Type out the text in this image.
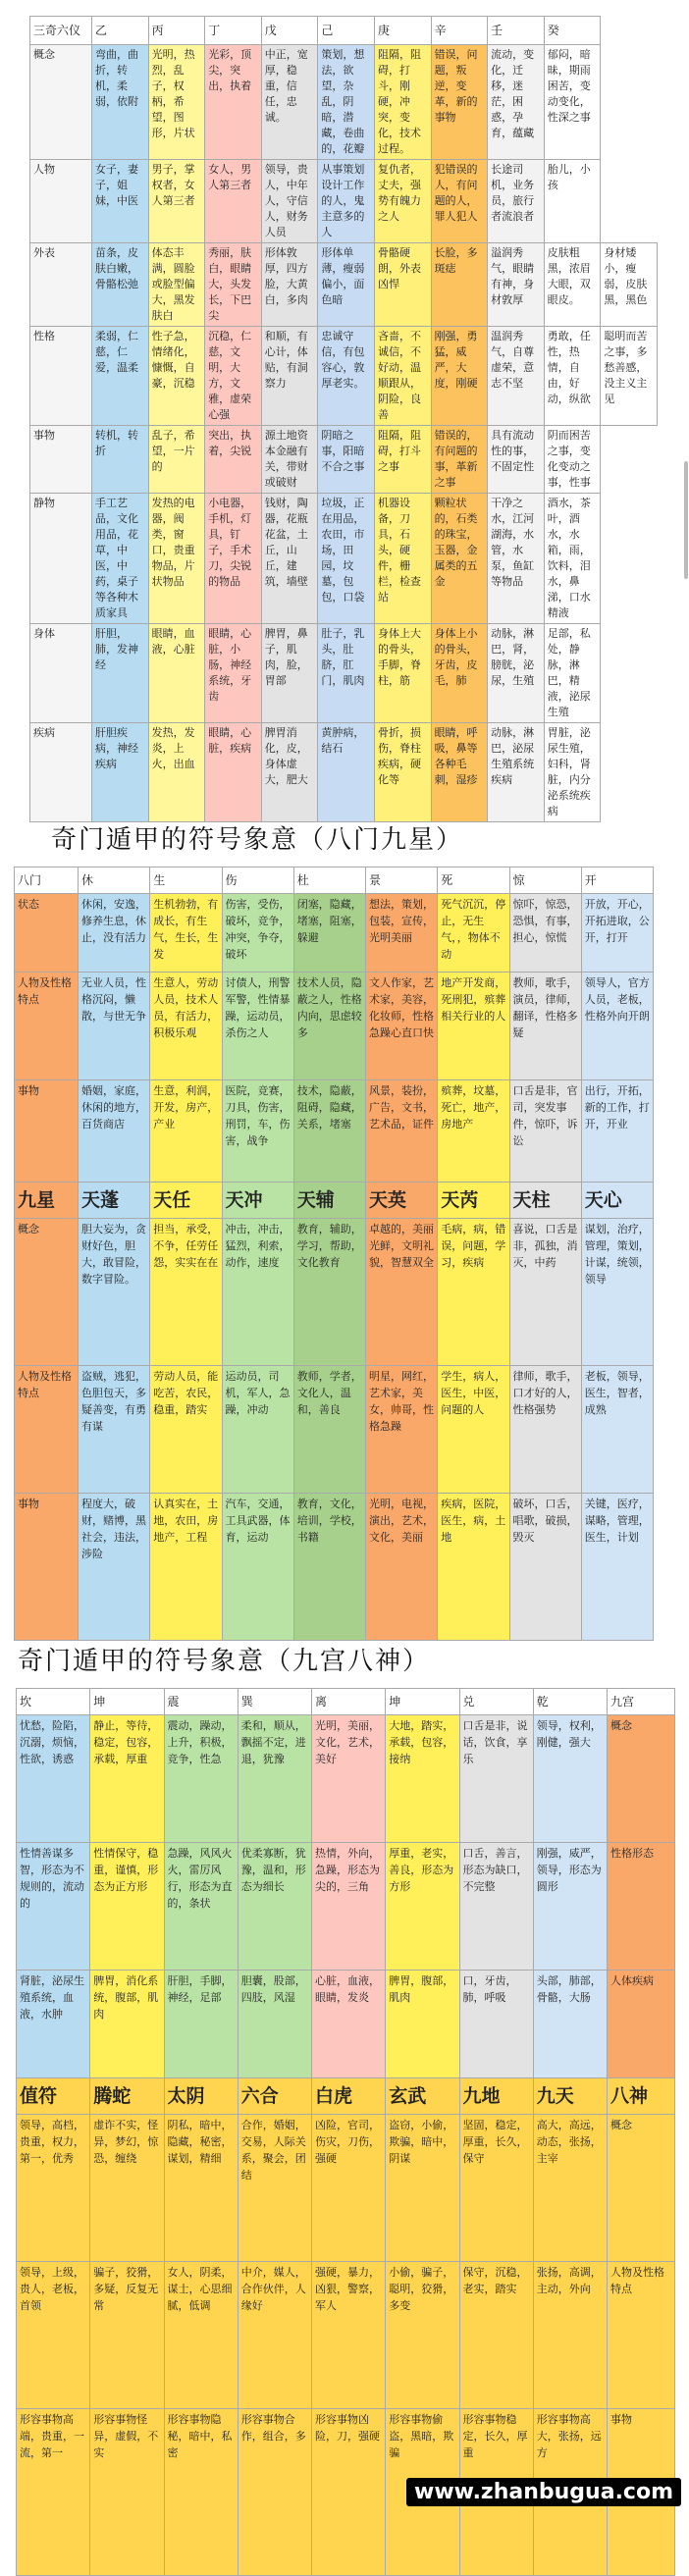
三奇六仪	乙	丙	丁	戊	己	庚	辛	壬	癸	
概念	弯曲，曲折，转机，柔弱，依附	光明，热烈，乱子，权柄，希望，图形，片状	光彩，顶尖，突出，执着	中正，宽厚，稳重，信任，忠诚。	策划，想法，欲望，杂乱，阴暗，潜藏，卷曲的，花瓣	阻隔，阻碍，打斗，刚硬，冲突，变化，技术过程。	错误，问题，叛逆，变革，新的事物	流动，变化，迁移，迷茫，困惑，孕育，蕴藏	郁闷，暗昧，期雨困苦，变动变化，性深之事	
人物	女子，妻子，姐妹，中医	男子，掌权者，女人第三者	女人，男人第三者	领导，贵人，中年人，守信人，财务人员	从事策划设计工作的人，鬼主意多的人	复仇者，丈夫，强势有魄力之人	犯错误的人，有问题的人，罪人犯人	长途司机，业务员，旅行者流浪者	胎儿，小孩	
外表	苗条，皮肤白嫩，骨骼松弛	体态丰满，圆脸或脸型偏大，黑发肤白	秀丽，肤白，眼睛大，头发长，下巴尖	形体敦厚，四方脸，大黄白，多肉	形体单薄，瘦弱偏小，面色暗	骨骼硬朗，外表凶悍	长脸，多斑痣	溢润秀气，眼睛有神，身材敦厚	皮肤粗黑，浓眉大眼，双眼皮。	身材矮小，瘦弱，皮肤黑，黑色
性格	柔弱，仁慈，仁爱，温柔	性子急，情绪化，慷慨，自豪，沉稳	沉稳，仁慈，文明，大方，文雅，虚荣心强	和顺，有心计，体贴，有洞察力	忠诚守信，有包容心，敦厚老实。	吝啬，不诚信，不好动，温顺跟从，阴险，良善	刚强，勇猛，威严，大度，刚硬	温润秀气，自尊虚荣，意志不坚	勇敢，任性，热情，自由，好动，纵欲	聪明而苦之事，多愁善感，没主义主见
事物	转机，转折	乱子，希望，一片的	突出，执着，尖锐	源土地资本金融有关，带财或破财	阴暗之事，阳暗不合之事	阻隔，阻碍，打斗之事	错误的，有问题的事，革新之事	具有流动性的事，不固定性	阴而困苦之事，变化变动之事，性事	
静物	手工艺品，文化用品，花草，中医，中药，桌子等各种木质家具	发热的电器，阀类，窗口，贵重物品，片状物品	小电器，手机，灯具，钉子，手术刀，尖锐的物品	钱财，陶器，花瓶花盆，土丘，山丘，建筑，墙壁	垃圾，正在用品，农田，市场，田园，坟墓，包包，口袋	机器设备，刀具，石头，硬件，栅栏，检查站	颗粒状的，石类的珠宝，玉器，金属类的五金	干净之水，江河湖海，水管，水泵，鱼缸等物品	酒水，茶叶，酒水，水箱，雨，饮料，泪水，鼻涕，口水精液	
身体	肝胆，肺，发神经	眼睛，血液，心脏	眼睛，心脏，小肠，神经系统，牙齿	脾胃，鼻子，肌肉，脸，胃部	肚子，乳头，肚脐，肛门，肌肉	身体上大的骨头，手脚，脊柱，筋	身体上小的骨头，牙齿，皮毛，肺	动脉，淋巴，肾，膀胱，泌尿，生殖	足部，私处，静脉，淋巴，精液，泌尿生殖	
疾病	肝胆疾病，神经疾病	发热，发炎，上火，出血	眼睛，心脏，疾病	脾胃消化，皮，身体虚大，肥大	黄肿病，结石	骨折，损伤，脊柱疾病，硬化等	眼睛，呼吸，鼻等各种毛刺，湿疹	动脉，淋巴，泌尿生殖系统疾病	胃脏，泌尿生殖，妇科，肾脏，内分泌系统疾病	
奇门遁甲的符号象意（八门九星）
八门	休	生	伤	杜	景	死	惊	开
状态	休闲，安逸，修养生息，休止，没有活力	生机勃勃，有成长，有生气，生长，生发	伤害，受伤，破坏，竞争，冲突，争夺，破坏	闭塞，隐藏，堵塞，阻塞，躲避	想法，策划，包装，宣传，光明美丽	死气沉沉，停止，无生气，，物体不动	惊吓，惊恐，恐惧，有事，担心，惊慌	开放，开心，开拓进取，公开，打开
人物及性格特点	无业人员，性格沉闷，懒散，与世无争	生意人，劳动人员，技术人员，有活力，积极乐观	讨债人，刑警军警，性情暴躁，运动员，杀伤之人	技术人员，隐蔽之人，性格内向，思虑较多	文人作家，艺术家，美容，化妆师，性格急躁心直口快	地产开发商，死刑犯，殡葬相关行业的人	教师，歌手，演员，律师，翻译，性格多疑	领导人，官方人员，老板，性格外向开朗
事物	婚姻，家庭，休闲的地方，百货商店	生意，利润，开发，房产，产业	医院，竞赛，刀具，伤害，刑罚，车，伤害，战争	技术，隐蔽，阻碍，隐藏，关系，堵塞	风景，装扮，广告，文书，艺术品，证件	殡葬，坟墓，死亡，地产，房地产	口舌是非，官司，突发事件，惊吓，诉讼	出行，开拓，新的工作，打开，开业
九星	天蓬	天任	天冲	天辅	天英	天芮	天柱	天心
概念	胆大妄为，贪财好色，胆大，敢冒险，数字冒险。	担当，承受，不争，任劳任怨，实实在在	冲击，冲击，猛烈，利索，动作，速度	教育，辅助，学习，帮助，文化教育	卓越的，美丽光鲜，文明礼貌，智慧双全	毛病，病，错误，问题，学习，疾病	喜说，口舌是非，孤独，消灭，中药	谋划，治疗，管理，策划，计谋，统领，领导
人物及性格特点	盗贼，逃犯，色胆包天，多疑善变，有勇有谋	劳动人员，能吃苦，农民，稳重，踏实	运动员，司机，军人，急躁，冲动	教师，学者，文化人，温和，善良	明星，网红，艺术家，美女，帅哥，性格急躁	学生，病人，医生，中医，问题的人	律师，歌手，口才好的人，性格强势	老板，领导，医生，智者，成熟
事物	程度大，破财，赌博，黑社会，违法，涉险	认真实在，土地，农田，房地产，工程	汽车，交通，工具武器，体育，运动	教育，文化，培训，学校，书籍	光明，电视，演出，艺术，文化，美丽	疾病，医院，医生，病，土地	破坏，口舌，唱歌，破损，毁灭	关键，医疗，谋略，管理，医生，计划
奇门遁甲的符号象意（九宫八神）
坎	坤	震	巽	离	坤	兑	乾	九宫
忧愁，险陷，沉溺，烦恼，性欲，诱惑	静止，等待，稳定，包容，承载，厚重	震动，躁动，上升，积极，竞争，性急	柔和，顺从，飘摇不定，进退，犹豫	光明，美丽，文化，艺术，美好	大地，踏实，承载，包容，接纳	口舌是非，说话，饮食，享乐	领导，权利，刚健，强大	概念
性情善谋多智，形态为不规则的，流动的	性情保守，稳重，谨慎，形态为正方形	急躁，风风火火，雷厉风行，形态为直的，条状	优柔寡断，犹豫，温和，形态为细长	热情，外向，急躁，形态为尖的，三角	厚重，老实，善良，形态为方形	口舌，善言，形态为缺口，不完整	刚强，威严，领导，形态为圆形	性格形态
肾脏，泌尿生殖系统，血液，水肿	脾胃，消化系统，腹部，肌肉	肝胆，手脚，神经，足部	胆囊，股部，四肢，风湿	心脏，血液，眼睛，发炎	脾胃，腹部，肌肉	口，牙齿，肺，呼吸	头部，肺部，骨骼，大肠	人体疾病
值符	腾蛇	太阴	六合	白虎	玄武	九地	九天	八神
领导，高档，贵重，权力，第一，优秀	虚诈不实，怪异，梦幻，惊恐，缠绕	阴私，暗中，隐藏，秘密，谋划，精细	合作，婚姻，交易，人际关系，聚会，团结	凶险，官司，伤灾，刀伤，强硬	盗窃，小偷，欺骗，暗中，阴谋	坚固，稳定，厚重，长久，保守	高大，高远，动态，张扬，主宰	概念
领导，上级，贵人，老板，首领	骗子，狡猾，多疑，反复无常	女人，阴柔，谋士，心思细腻，低调	中介，媒人，合作伙伴，人缘好	强硬，暴力，凶狠，警察，军人	小偷，骗子，聪明，狡猾，多变	保守，沉稳，老实，踏实	张扬，高调，主动，外向	人物及性格特点
形容事物高端，贵重，一流，第一	形容事物怪异，虚假，不实	形容事物隐秘，暗中，私密	形容事物合作，组合，多	形容事物凶险，刀，强硬	形容事物偷盗，黑暗，欺骗	形容事物稳定，长久，厚重	形容事物高大，张扬，远方	事物
www.zhanbugua.com
